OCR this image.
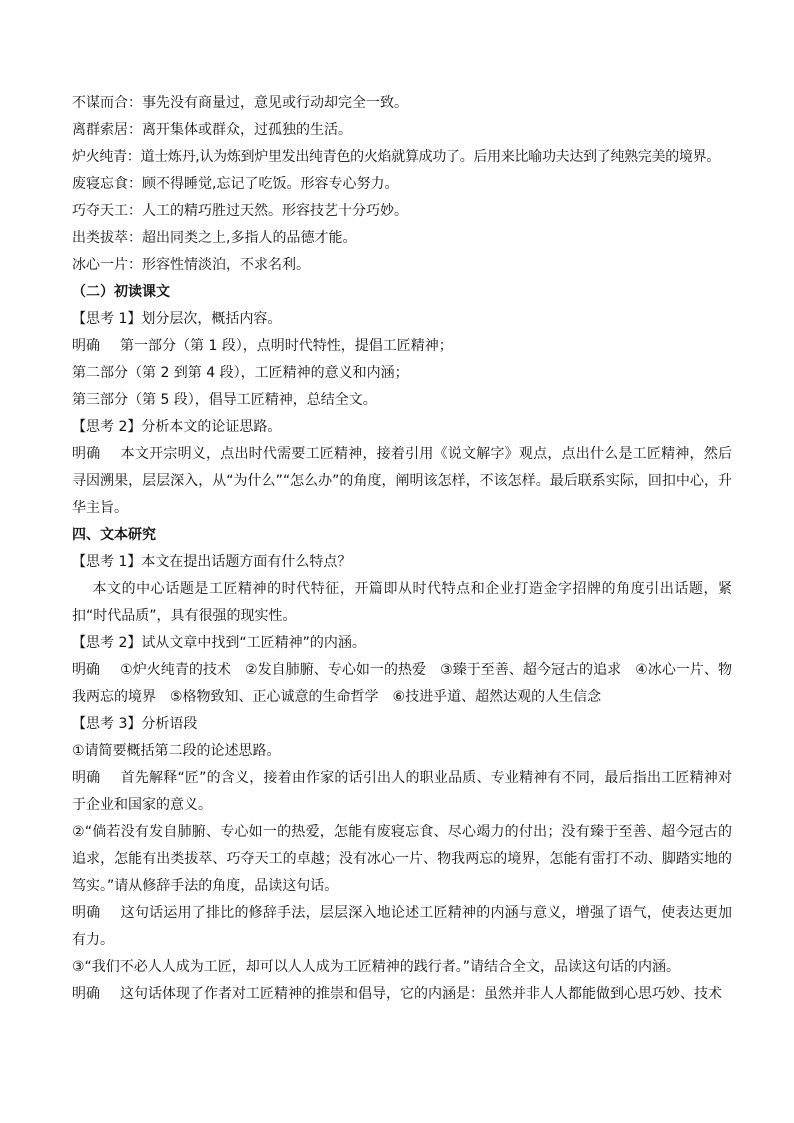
不谋而合：事先没有商量过，意见或行动却完全一致。
离群索居：离开集体或群众，过孤独的生活。
炉火纯青：道士炼丹,认为炼到炉里发出纯青色的火焰就算成功了。后用来比喻功夫达到了纯熟完美的境界。
废寝忘食：顾不得睡觉,忘记了吃饭。形容专心努力。
巧夺天工：人工的精巧胜过天然。形容技艺十分巧妙。
出类拔萃：超出同类之上,多指人的品德才能。
冰心一片：形容性情淡泊，不求名利。
（二）初读课文
【思考 1】划分层次，概括内容。
明确 第一部分（第 1 段），点明时代特性，提倡工匠精神；
第二部分（第 2 到第 4 段），工匠精神的意义和内涵；
第三部分（第 5 段），倡导工匠精神，总结全文。
【思考 2】分析本文的论证思路。
明确 本文开宗明义，点出时代需要工匠精神，接着引用《说文解字》观点，点出什么是工匠精神，然后寻因溯果，层层深入，从“为什么”“怎么办”的角度，阐明该怎样，不该怎样。最后联系实际，回扣中心，升华主旨。
四、文本研究
【思考 1】本文在提出话题方面有什么特点？
本文的中心话题是工匠精神的时代特征，开篇即从时代特点和企业打造金字招牌的角度引出话题，紧扣“时代品质”，具有很强的现实性。
【思考 2】试从文章中找到“工匠精神”的内涵。
明确 ①炉火纯青的技术　②发自肺腑、专心如一的热爱　③臻于至善、超今冠古的追求　④冰心一片、物我两忘的境界　⑤格物致知、正心诚意的生命哲学　⑥技进乎道、超然达观的人生信念
【思考 3】分析语段
①请简要概括第二段的论述思路。
明确 首先解释“匠”的含义，接着由作家的话引出人的职业品质、专业精神有不同，最后指出工匠精神对于企业和国家的意义。
②“倘若没有发自肺腑、专心如一的热爱，怎能有废寝忘食、尽心竭力的付出；没有臻于至善、超今冠古的追求，怎能有出类拔萃、巧夺天工的卓越；没有冰心一片、物我两忘的境界，怎能有雷打不动、脚踏实地的笃实。”请从修辞手法的角度，品读这句话。
明确 这句话运用了排比的修辞手法，层层深入地论述工匠精神的内涵与意义，增强了语气，使表达更加有力。
③“我们不必人人成为工匠，却可以人人成为工匠精神的践行者。”请结合全文，品读这句话的内涵。
明确 这句话体现了作者对工匠精神的推崇和倡导，它的内涵是：虽然并非人人都能做到心思巧妙、技术
